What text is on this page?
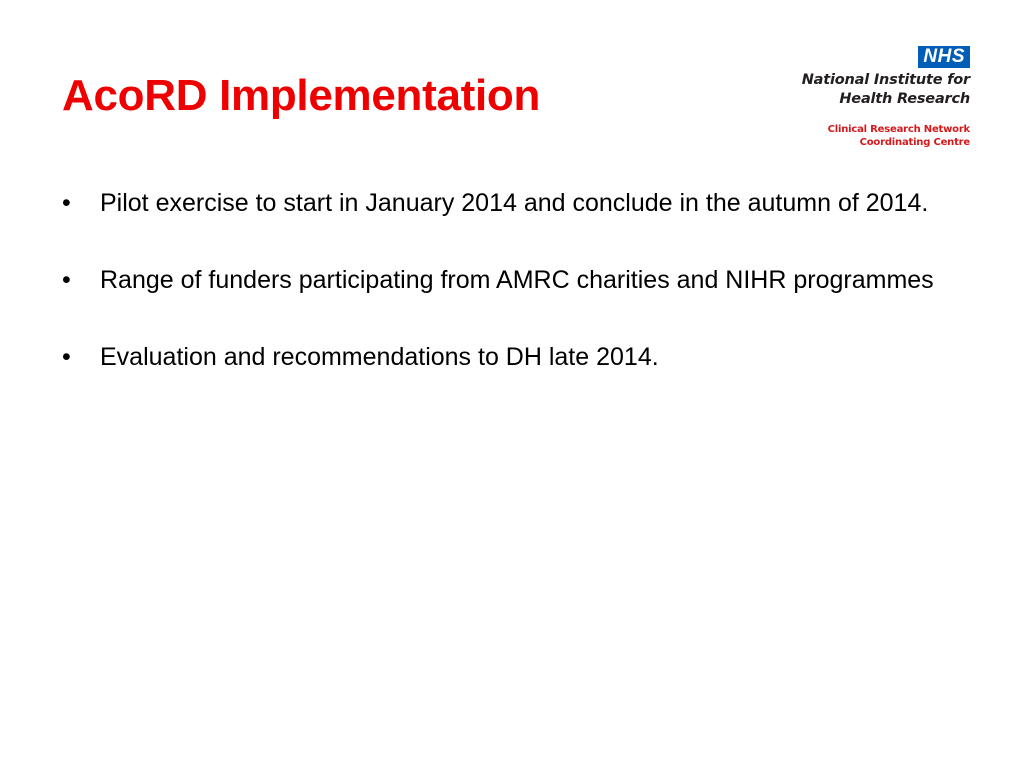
AcoRD Implementation
NHS
National Institute for
Health Research
Clinical Research Network
Coordinating Centre
•	Pilot exercise to start in January 2014 and conclude in the autumn of 2014.
•	Range of funders participating from AMRC charities and NIHR programmes
•	Evaluation and recommendations to DH late 2014.
